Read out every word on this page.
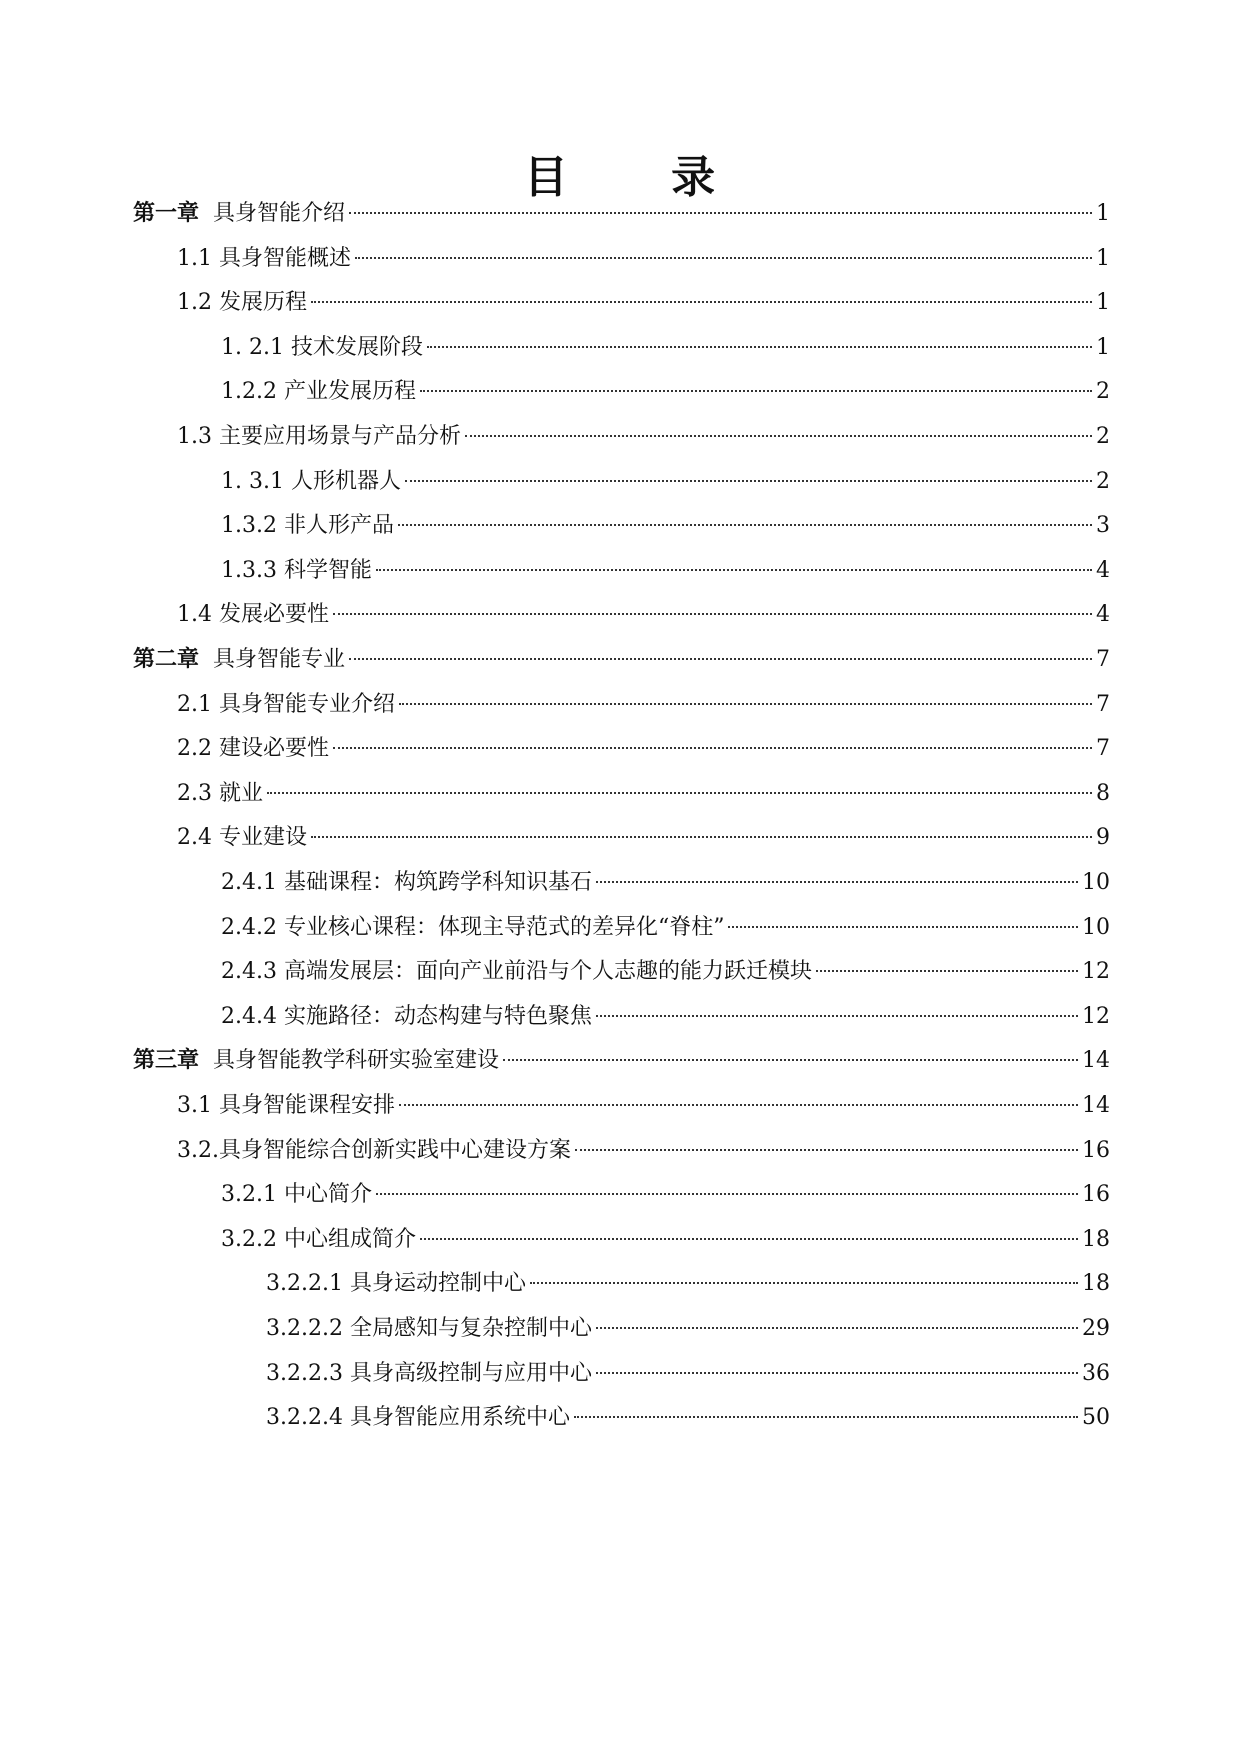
目 录
第一章 具身智能介绍	1
1.1 具身智能概述	1
1.2 发展历程	1
1. 2.1 技术发展阶段	1
1.2.2 产业发展历程	2
1.3 主要应用场景与产品分析	2
1. 3.1 人形机器人	2
1.3.2 非人形产品	3
1.3.3 科学智能	4
1.4 发展必要性	4
第二章 具身智能专业	7
2.1 具身智能专业介绍	7
2.2 建设必要性	7
2.3 就业	8
2.4 专业建设	9
2.4.1 基础课程：构筑跨学科知识基石	10
2.4.2 专业核心课程：体现主导范式的差异化“脊柱”	10
2.4.3 高端发展层：面向产业前沿与个人志趣的能力跃迁模块	12
2.4.4 实施路径：动态构建与特色聚焦	12
第三章 具身智能教学科研实验室建设	14
3.1 具身智能课程安排	14
3.2.具身智能综合创新实践中心建设方案	16
3.2.1 中心简介	16
3.2.2 中心组成简介	18
3.2.2.1 具身运动控制中心	18
3.2.2.2 全局感知与复杂控制中心	29
3.2.2.3 具身高级控制与应用中心	36
3.2.2.4 具身智能应用系统中心	50
